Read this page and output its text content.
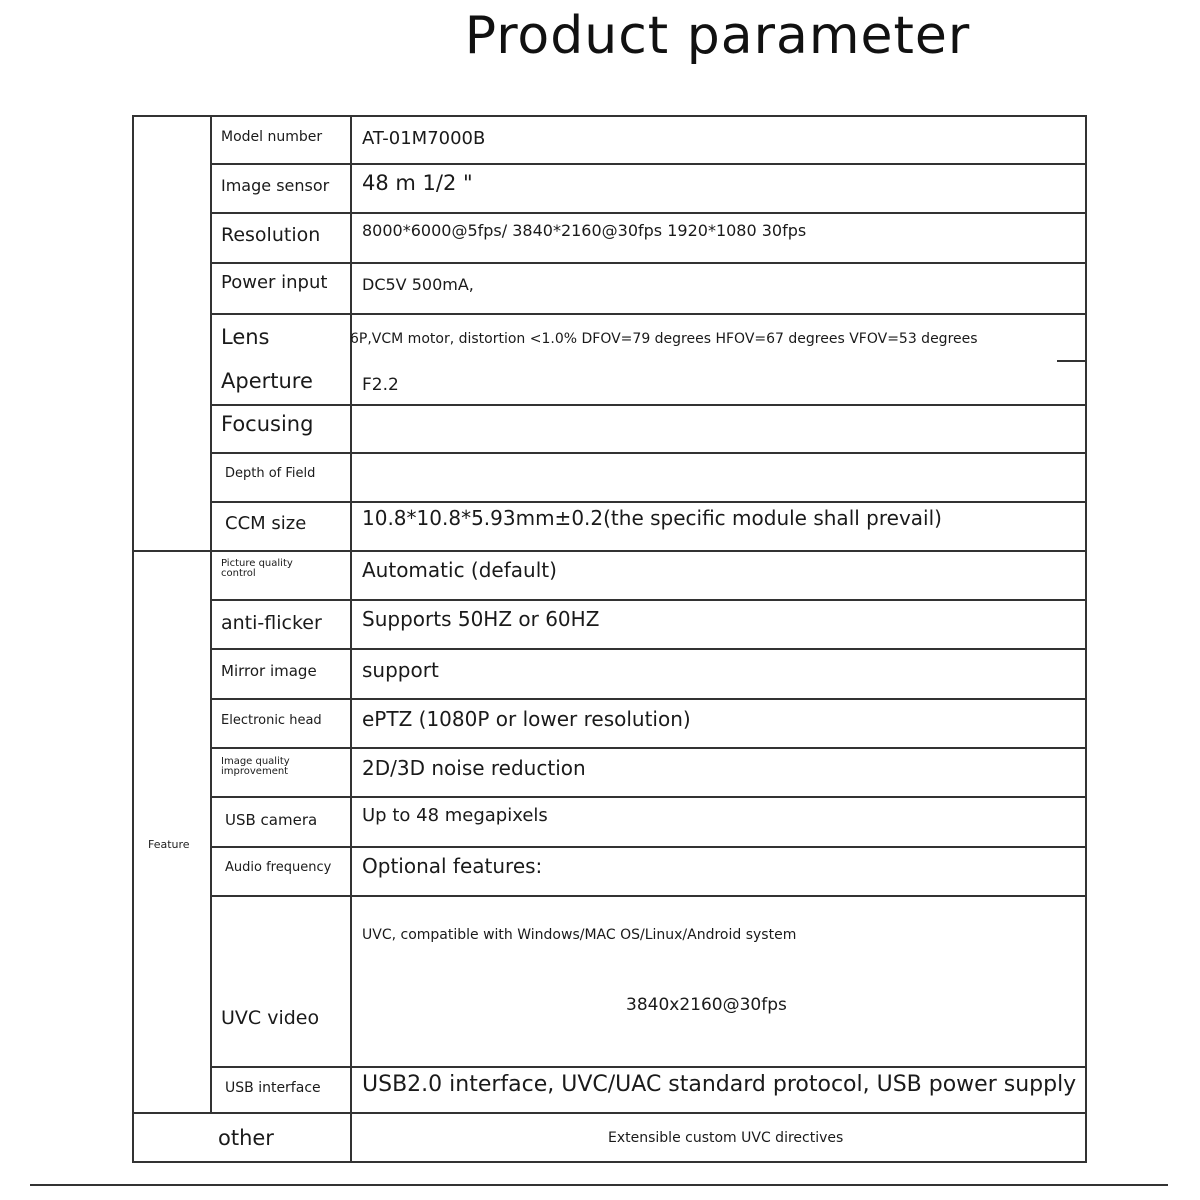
Product parameter
Feature
Model number
Image sensor
Resolution
Power input
Lens
Aperture
Focusing
Depth of Field
CCM size
Picture quality control
anti-flicker
Mirror image
Electronic head
Image quality improvement
USB camera
Audio frequency
UVC video
USB interface
other
AT-01M7000B
48 m 1/2 "
8000*6000@5fps/ 3840*2160@30fps 1920*1080 30fps
DC5V 500mA,
6P,VCM motor, distortion <1.0% DFOV=79 degrees HFOV=67 degrees VFOV=53 degrees
F2.2
10.8*10.8*5.93mm±0.2(the specific module shall prevail)
Automatic (default)
Supports 50HZ or 60HZ
support
ePTZ (1080P or lower resolution)
2D/3D noise reduction
Up to 48 megapixels
Optional features:
UVC, compatible with Windows/MAC OS/Linux/Android system
3840x2160@30fps
USB2.0 interface, UVC/UAC standard protocol, USB power supply
Extensible custom UVC directives
